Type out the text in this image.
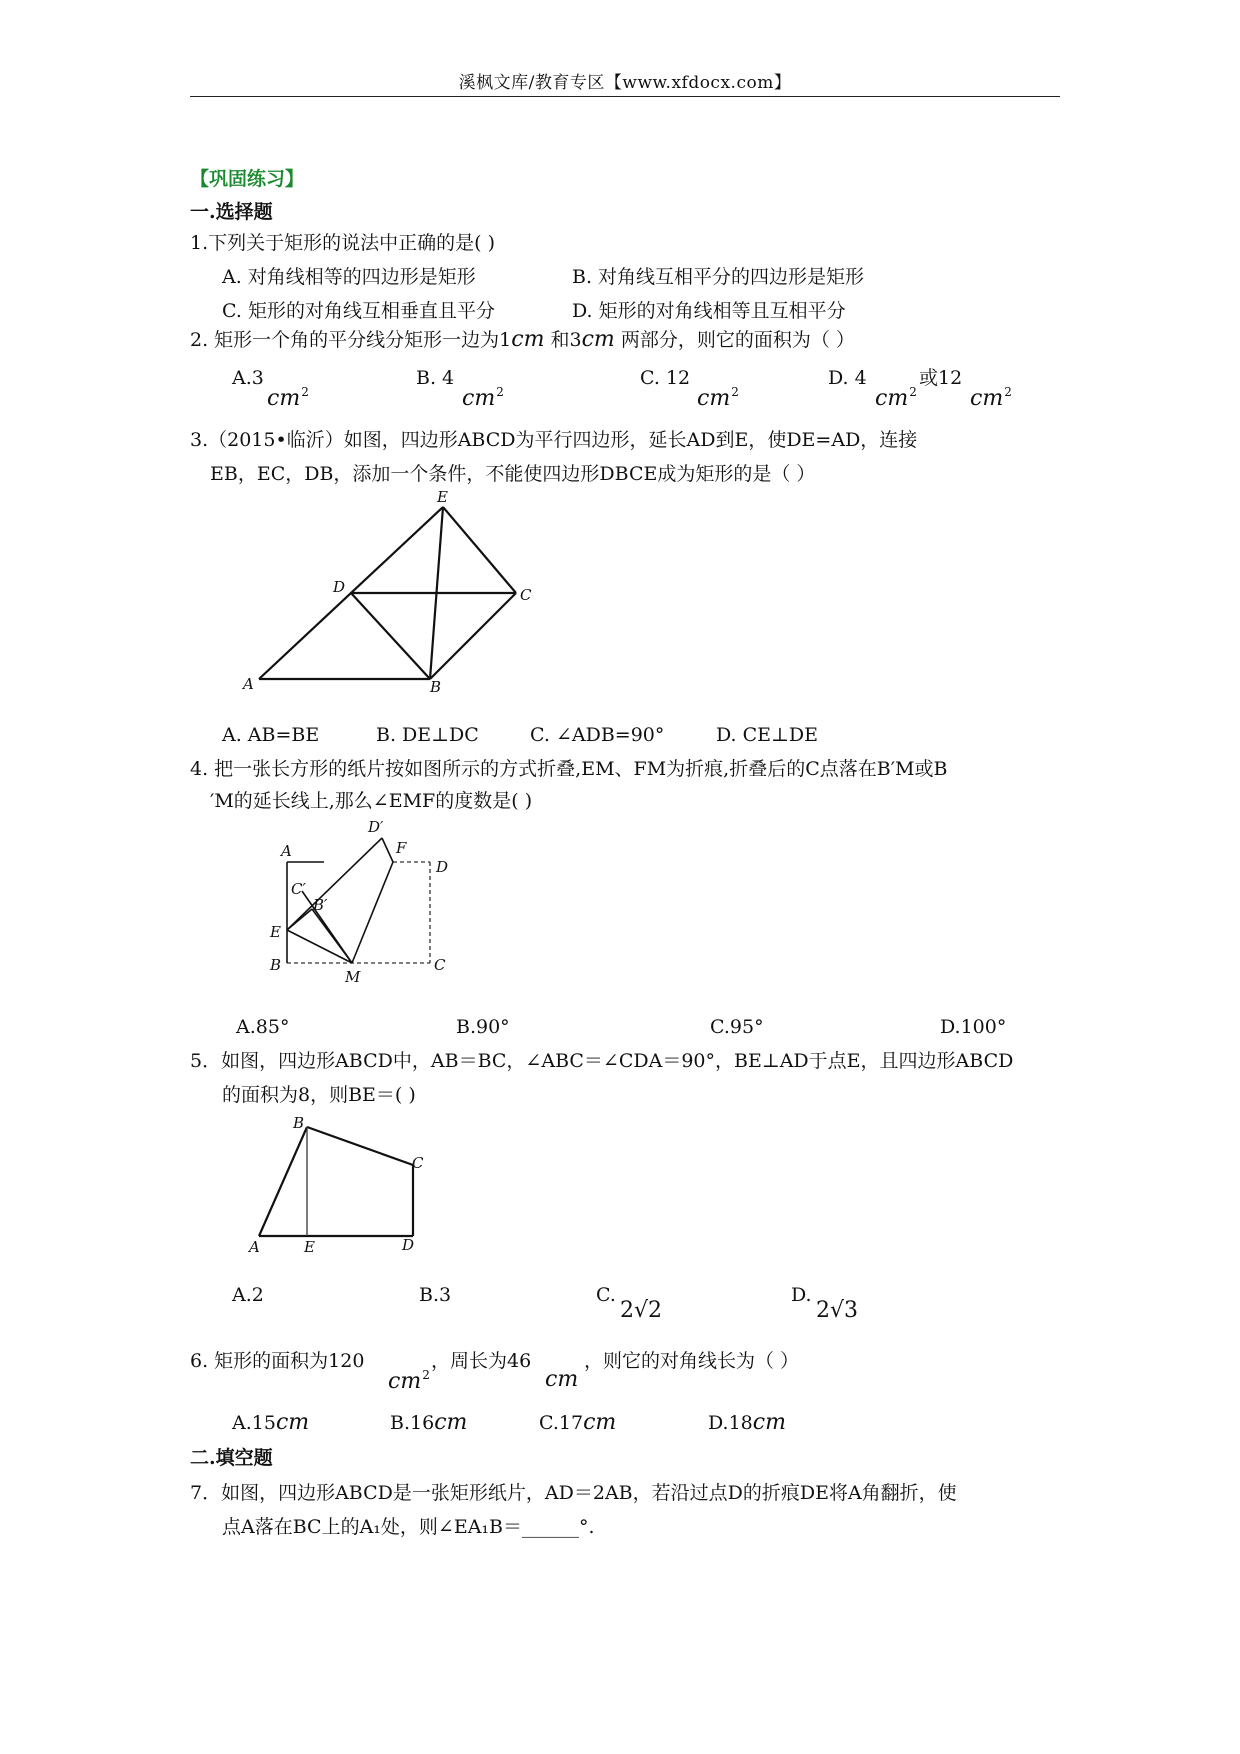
溪枫文库/教育专区【www.xfdocx.com】
【巩固练习】
一.选择题
1.下列关于矩形的说法中正确的是( )
A. 对角线相等的四边形是矩形	B. 对角线互相平分的四边形是矩形
C. 矩形的对角线互相垂直且平分	D. 矩形的对角线相等且互相平分
2. 矩形一个角的平分线分矩形一边为1cm 和3cm 两部分，则它的面积为（ ）
A.3
$cm^2$
B. 4
$cm^2$
C. 12
$cm^2$
D. 4
$cm^2$
或12
$cm^2$
3.（2015•临沂）如图，四边形ABCD为平行四边形，延长AD到E，使DE=AD，连接
EB，EC，DB，添加一个条件，不能使四边形DBCE成为矩形的是（ ）
E
D	C
A	B
A. AB=BE	B. DE⊥DC	C. ∠ADB=90°	D. CE⊥DE
4. 把一张长方形的纸片按如图所示的方式折叠,EM、FM为折痕,折叠后的C点落在B′M或B
′M的延长线上,那么∠EMF的度数是( )
A
D′
F
D
C′
B′
E
B
M
C
A.85°	B.90°	C.95°	D.100°
5．如图，四边形ABCD中，AB＝BC，∠ABC＝∠CDA＝90°，BE⊥AD于点E，且四边形ABCD
的面积为8，则BE＝( )
B
C
A	E	D
A.2	B.3	C.
2√2
D.
2√3
6. 矩形的面积为120
$cm^2$
，周长为46
cm
，则它的对角线长为（ ）
A.15cm	B.16cm	C.17cm	D.18cm
二.填空题
7．如图，四边形ABCD是一张矩形纸片，AD＝2AB，若沿过点D的折痕DE将A角翻折，使
点A落在BC上的A₁处，则∠EA₁B＝______°.
